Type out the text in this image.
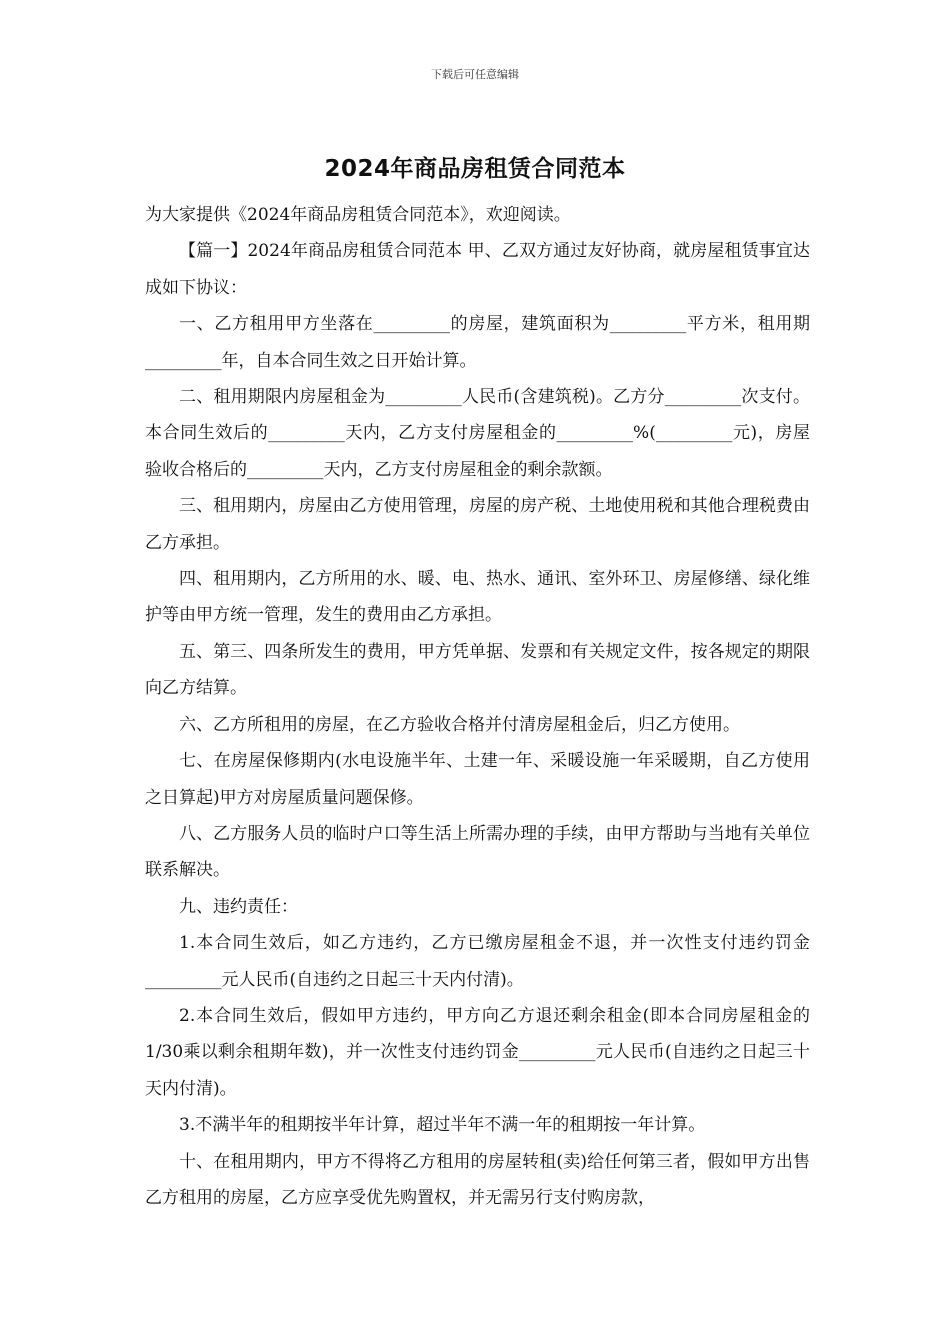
下载后可任意编辑
2024年商品房租赁合同范本

为大家提供《2024年商品房租赁合同范本》，欢迎阅读。

【篇一】2024年商品房租赁合同范本 甲、乙双方通过友好协商，就房屋租赁事宜达成如下协议：

一、乙方租用甲方坐落在_________的房屋，建筑面积为_________平方米，租用期_________年，自本合同生效之日开始计算。

二、租用期限内房屋租金为_________人民币(含建筑税)。乙方分_________次支付。本合同生效后的_________天内，乙方支付房屋租金的_________%(_________元)，房屋验收合格后的_________天内，乙方支付房屋租金的剩余款额。

三、租用期内，房屋由乙方使用管理，房屋的房产税、土地使用税和其他合理税费由乙方承担。

四、租用期内，乙方所用的水、暖、电、热水、通讯、室外环卫、房屋修缮、绿化维护等由甲方统一管理，发生的费用由乙方承担。

五、第三、四条所发生的费用，甲方凭单据、发票和有关规定文件，按各规定的期限向乙方结算。

六、乙方所租用的房屋，在乙方验收合格并付清房屋租金后，归乙方使用。

七、在房屋保修期内(水电设施半年、土建一年、采暖设施一年采暖期，自乙方使用之日算起)甲方对房屋质量问题保修。

八、乙方服务人员的临时户口等生活上所需办理的手续，由甲方帮助与当地有关单位联系解决。

九、违约责任：

1.本合同生效后，如乙方违约，乙方已缴房屋租金不退，并一次性支付违约罚金_________元人民币(自违约之日起三十天内付清)。

2.本合同生效后，假如甲方违约，甲方向乙方退还剩余租金(即本合同房屋租金的1/30乘以剩余租期年数)，并一次性支付违约罚金_________元人民币(自违约之日起三十天内付清)。

3.不满半年的租期按半年计算，超过半年不满一年的租期按一年计算。

十、在租用期内，甲方不得将乙方租用的房屋转租(卖)给任何第三者，假如甲方出售乙方租用的房屋，乙方应享受优先购置权，并无需另行支付购房款，
